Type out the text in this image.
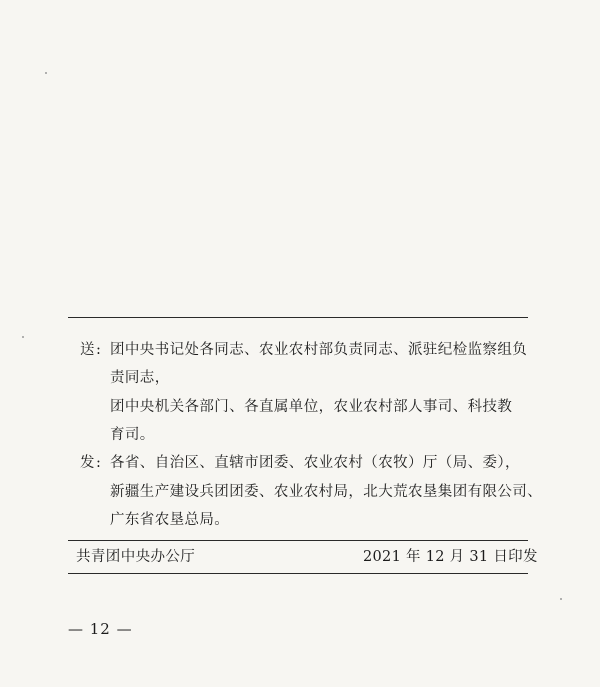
送 : 团中央书记处各同志、农业农村部负责同志、派驻纪检监察组负
责同志，
团中央机关各部门、各直属单位，农业农村部人事司、科技教
育司。
发 : 各省、自治区、直辖市团委、农业农村（农牧）厅（局、委），
新疆生产建设兵团团委、农业农村局，北大荒农垦集团有限公司、
广东省农垦总局。
共青团中央办公厅	2021 年 12 月 31 日印发
— 12 —
